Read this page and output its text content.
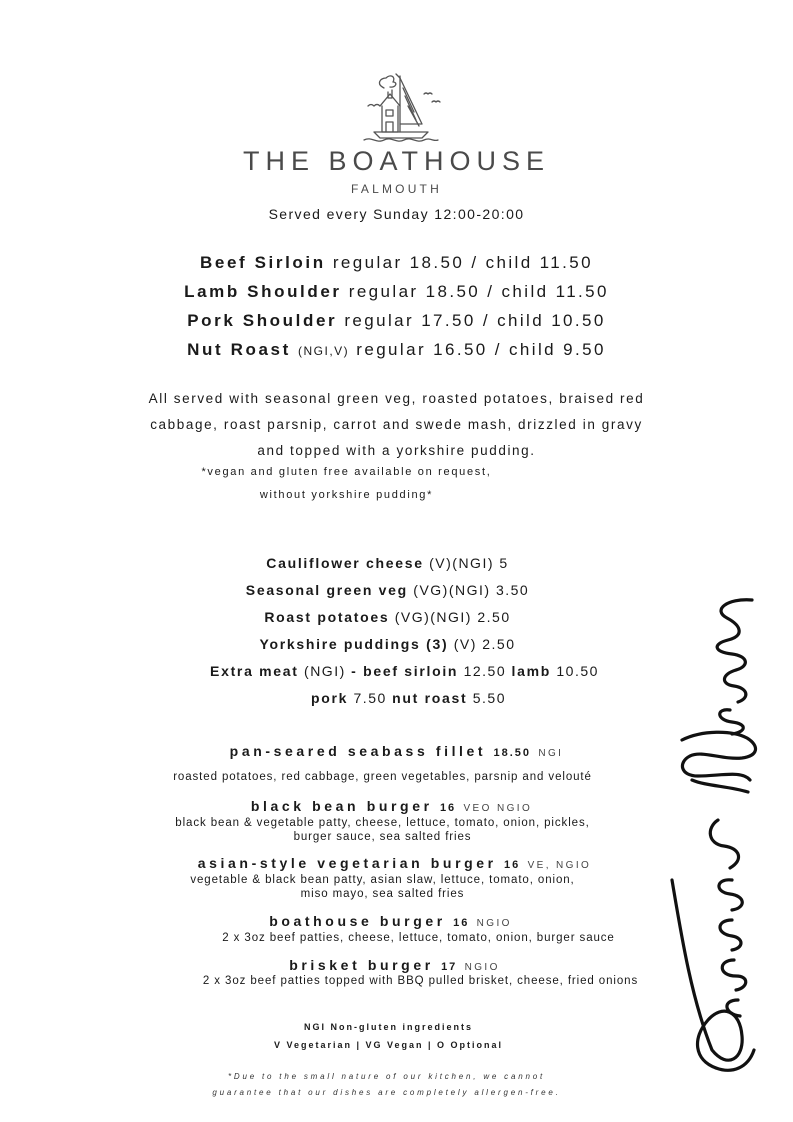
THE BOATHOUSE
FALMOUTH
Served every Sunday 12:00-20:00
Beef Sirloin regular 18.50 / child 11.50
Lamb Shoulder regular 18.50 / child 11.50
Pork Shoulder regular 17.50 / child 10.50
Nut Roast (NGI,V) regular 16.50 / child 9.50
All served with seasonal green veg, roasted potatoes, braised red
cabbage, roast parsnip, carrot and swede mash, drizzled in gravy
and topped with a yorkshire pudding.
*vegan and gluten free available on request,
without yorkshire pudding*
Cauliflower cheese (V)(NGI) 5
Seasonal green veg (VG)(NGI) 3.50
Roast potatoes (VG)(NGI) 2.50
Yorkshire puddings (3) (V) 2.50
Extra meat (NGI) - beef sirloin 12.50 lamb 10.50
pork 7.50 nut roast 5.50
pan-seared seabass fillet 18.50 NGI
roasted potatoes, red cabbage, green vegetables, parsnip and velouté
black bean burger 16 VEO NGIO
black bean & vegetable patty, cheese, lettuce, tomato, onion, pickles,
burger sauce, sea salted fries
asian-style vegetarian burger 16 VE, NGIO
vegetable & black bean patty, asian slaw, lettuce, tomato, onion,
miso mayo, sea salted fries
boathouse burger 16 NGIO
2 x 3oz beef patties, cheese, lettuce, tomato, onion, burger sauce
brisket burger 17 NGIO
2 x 3oz beef patties topped with BBQ pulled brisket, cheese, fried onions
NGI Non-gluten ingredients
V Vegetarian | VG Vegan | O Optional
*Due to the small nature of our kitchen, we cannot
guarantee that our dishes are completely allergen-free.
